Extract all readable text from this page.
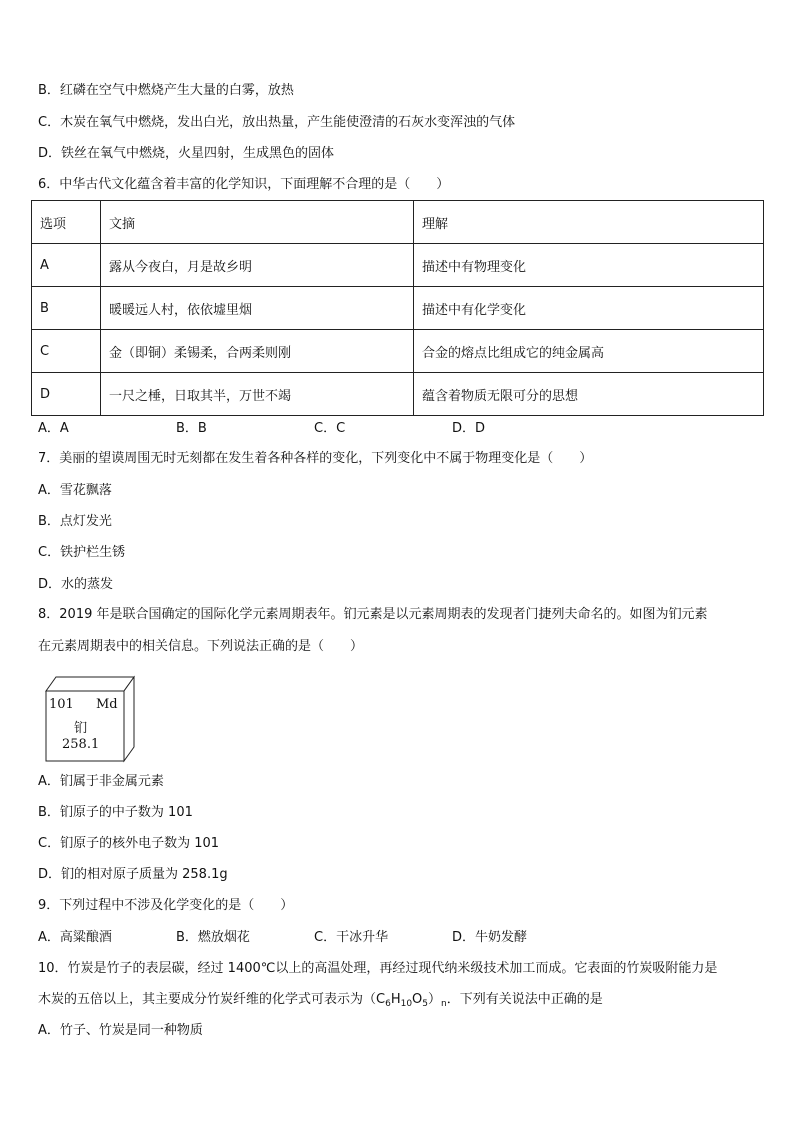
B．红磷在空气中燃烧产生大量的白雾，放热
C．木炭在氧气中燃烧，发出白光，放出热量，产生能使澄清的石灰水变浑浊的气体
D．铁丝在氧气中燃烧，火星四射，生成黑色的固体
6．中华古代文化蕴含着丰富的化学知识，下面理解不合理的是（　　）
选项	文摘	理解
A	露从今夜白，月是故乡明	描述中有物理变化
B	暖暖远人村，依依墟里烟	描述中有化学变化
C	金（即铜）柔锡柔，合两柔则刚	合金的熔点比组成它的纯金属高
D	一尺之棰，日取其半，万世不竭	蕴含着物质无限可分的思想
A．A	B．B	C．C	D．D
7．美丽的望谟周围无时无刻都在发生着各种各样的变化，下列变化中不属于物理变化是（　　）
A．雪花飘落
B．点灯发光
C．铁护栏生锈
D．水的蒸发
8．2019 年是联合国确定的国际化学元素周期表年。钔元素是以元素周期表的发现者门捷列夫命名的。如图为钔元素
在元素周期表中的相关信息。下列说法正确的是（　　）
101 Md
钔
258.1
A．钔属于非金属元素
B．钔原子的中子数为 101
C．钔原子的核外电子数为 101
D．钔的相对原子质量为 258.1g
9．下列过程中不涉及化学变化的是（　　）
A．高粱酿酒	B．燃放烟花	C．干冰升华	D．牛奶发酵
10．竹炭是竹子的表层碳，经过 1400℃以上的高温处理，再经过现代纳米级技术加工而成。它表面的竹炭吸附能力是
木炭的五倍以上，其主要成分竹炭纤维的化学式可表示为$(C_6H_{10}O_5)_n$．下列有关说法中正确的是
A．竹子、竹炭是同一种物质
